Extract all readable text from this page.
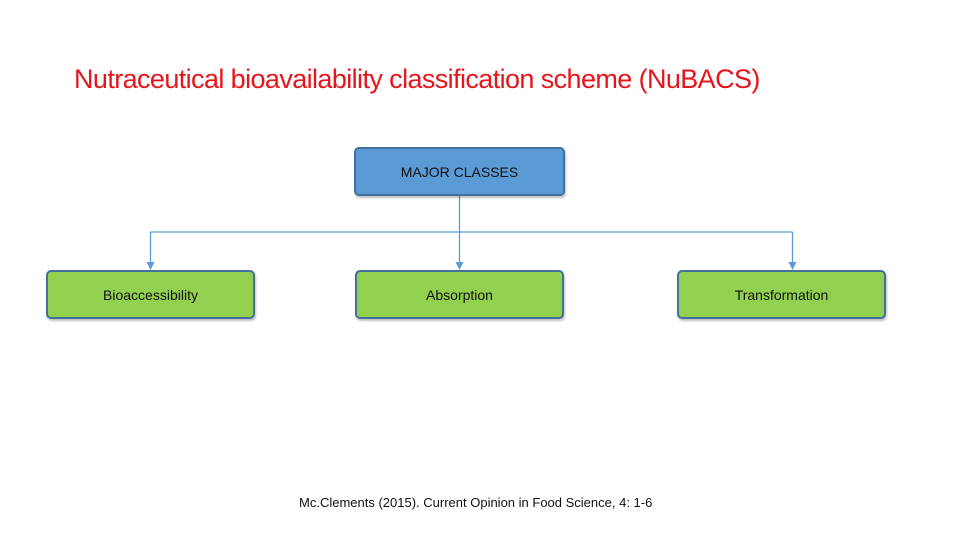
Nutraceutical bioavailability classification scheme (NuBACS)
MAJOR CLASSES
Bioaccessibility	Absorption	Transformation
Mc.Clements (2015). Current Opinion in Food Science, 4: 1-6
